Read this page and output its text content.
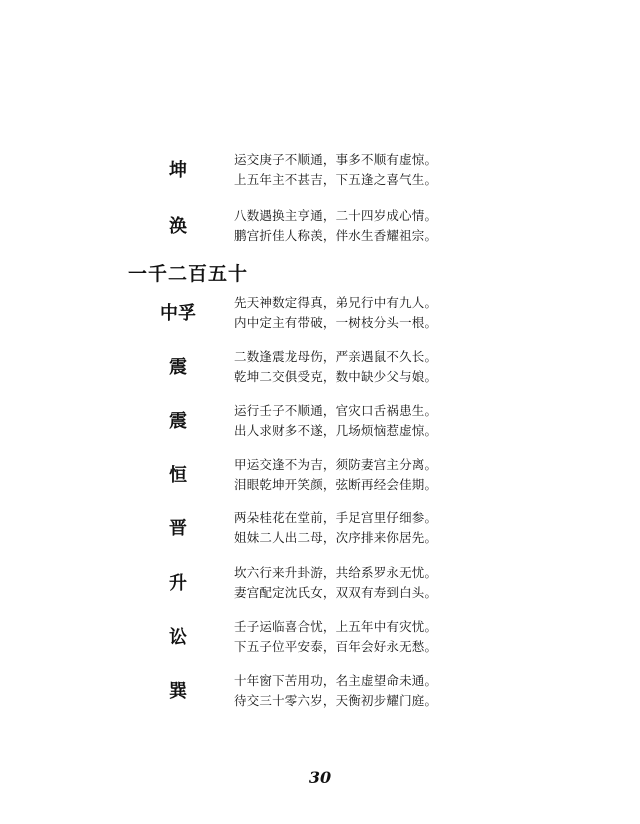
坤
运交庚子不顺通，事多不顺有虚惊。
上五年主不甚吉，下五逢之喜气生。
涣
八数遇换主亨通，二十四岁成心情。
鹏宫折佳人称羡，伴水生香耀祖宗。
一千二百五十
中孚
先天神数定得真，弟兄行中有九人。
内中定主有带破，一树枝分头一根。
震
二数逢震龙母伤，严亲遇鼠不久长。
乾坤二交俱受克，数中缺少父与娘。
震
运行壬子不顺通，官灾口舌祸患生。
出人求财多不遂，几场烦恼惹虚惊。
恒
甲运交逢不为吉，须防妻宫主分离。
泪眼乾坤开笑颜，弦断再经会佳期。
晋
两朵桂花在堂前，手足宫里仔细参。
姐妹二人出二母，次序排来你居先。
升
坎六行来升卦游，共给系罗永无忧。
妻宫配定沈氏女，双双有寿到白头。
讼
壬子运临喜合忧，上五年中有灾忧。
下五子位平安泰，百年会好永无愁。
巽
十年窗下苦用功，名主虚望命未通。
待交三十零六岁，天衡初步耀门庭。
30
